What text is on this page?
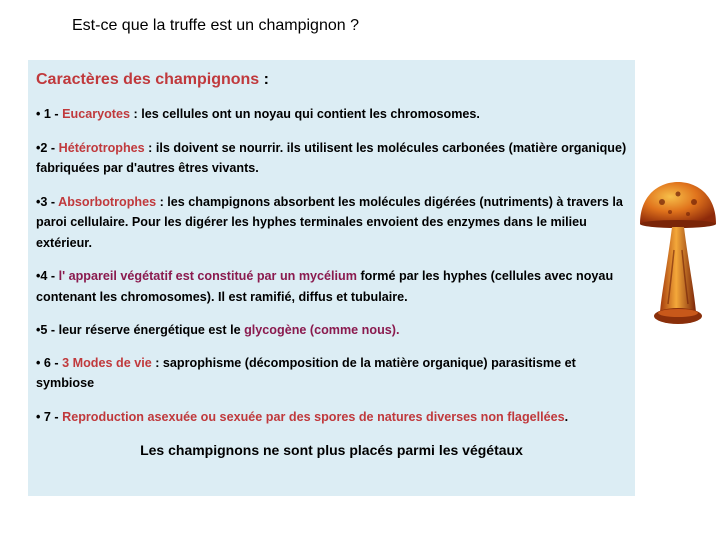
Est-ce que la truffe est un champignon ?
Caractères des champignons :
• 1 - Eucaryotes : les cellules ont un noyau qui contient les chromosomes.
•2 - Hétérotrophes : ils doivent se nourrir. ils utilisent les molécules carbonées (matière organique) fabriquées par d'autres êtres vivants.
•3 - Absorbotrophes : les champignons absorbent les molécules digérées (nutriments) à travers la paroi cellulaire. Pour les digérer les hyphes terminales envoient des enzymes dans le milieu extérieur.
•4 - l' appareil végétatif est constitué par un mycélium formé par les hyphes (cellules avec noyau contenant les chromosomes). Il est ramifié, diffus et tubulaire.
•5 - leur réserve énergétique est le glycogène (comme nous).
• 6 - 3 Modes de vie : saprophisme (décomposition de la matière organique) parasitisme et symbiose
• 7 - Reproduction asexuée ou sexuée par des spores de natures diverses non flagellées.
Les champignons ne sont plus placés parmi les végétaux
